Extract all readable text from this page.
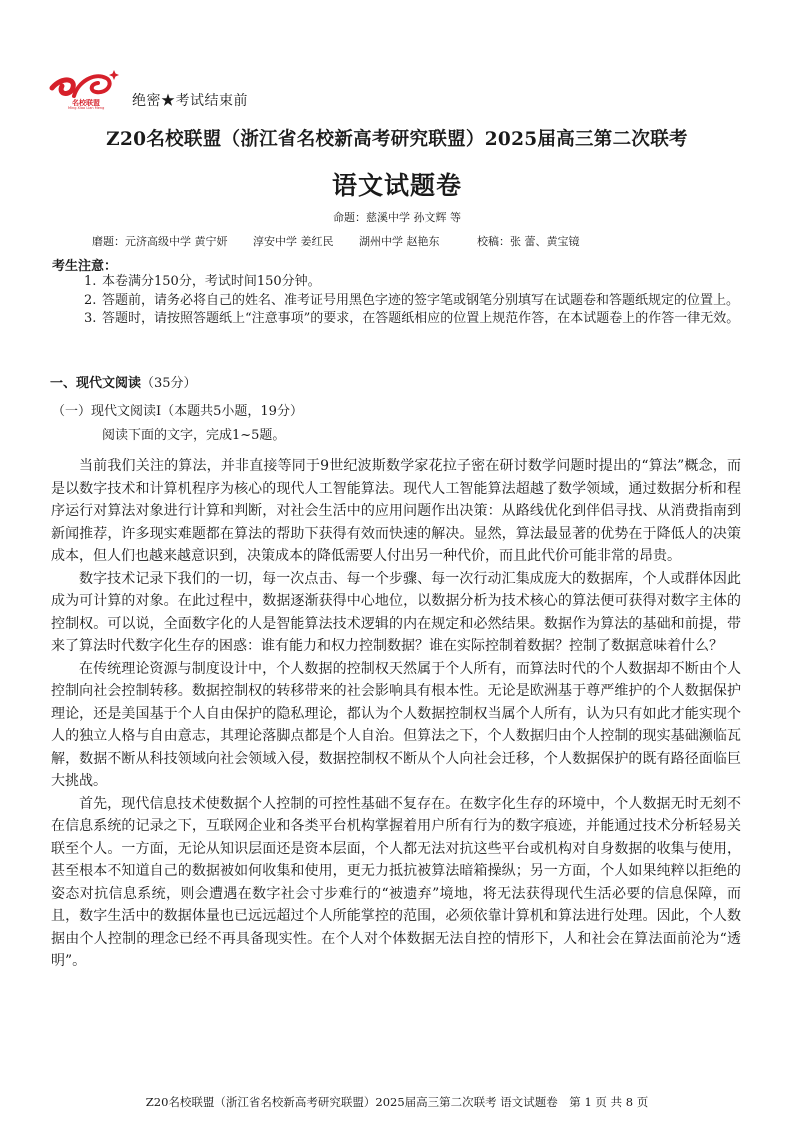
名校联盟
Ming Xiao Lian Meng 绝密★考试结束前
Z20名校联盟（浙江省名校新高考研究联盟）2025届高三第二次联考
语文试题卷
命题：慈溪中学 孙文辉 等
磨题：元济高级中学 黄宁妍 淳安中学 姜红民 湖州中学 赵艳东	校稿：张 蕾、黄宝镜
考生注意：
1. 本卷满分150分，考试时间150分钟。
2. 答题前，请务必将自己的姓名、准考证号用黑色字迹的签字笔或钢笔分别填写在试题卷和答题纸规定的位置上。
3. 答题时，请按照答题纸上“注意事项”的要求，在答题纸相应的位置上规范作答，在本试题卷上的作答一律无效。
一、现代文阅读（35分）
（一）现代文阅读Ⅰ（本题共5小题，19分）
阅读下面的文字，完成1~5题。

当前我们关注的算法，并非直接等同于9世纪波斯数学家花拉子密在研讨数学问题时提出的“算法”概念，而是以数字技术和计算机程序为核心的现代人工智能算法。现代人工智能算法超越了数学领域，通过数据分析和程序运行对算法对象进行计算和判断，对社会生活中的应用问题作出决策：从路线优化到伴侣寻找、从消费指南到新闻推荐，许多现实难题都在算法的帮助下获得有效而快速的解决。显然，算法最显著的优势在于降低人的决策成本，但人们也越来越意识到，决策成本的降低需要人付出另一种代价，而且此代价可能非常的昂贵。

数字技术记录下我们的一切，每一次点击、每一个步骤、每一次行动汇集成庞大的数据库，个人或群体因此成为可计算的对象。在此过程中，数据逐渐获得中心地位，以数据分析为技术核心的算法便可获得对数字主体的控制权。可以说，全面数字化的人是智能算法技术逻辑的内在规定和必然结果。数据作为算法的基础和前提，带来了算法时代数字化生存的困惑：谁有能力和权力控制数据？谁在实际控制着数据？控制了数据意味着什么？

在传统理论资源与制度设计中，个人数据的控制权天然属于个人所有，而算法时代的个人数据却不断由个人控制向社会控制转移。数据控制权的转移带来的社会影响具有根本性。无论是欧洲基于尊严维护的个人数据保护理论，还是美国基于个人自由保护的隐私理论，都认为个人数据控制权当属个人所有，认为只有如此才能实现个人的独立人格与自由意志，其理论落脚点都是个人自治。但算法之下，个人数据归由个人控制的现实基础濒临瓦解，数据不断从科技领域向社会领域入侵，数据控制权不断从个人向社会迁移，个人数据保护的既有路径面临巨大挑战。

首先，现代信息技术使数据个人控制的可控性基础不复存在。在数字化生存的环境中，个人数据无时无刻不在信息系统的记录之下，互联网企业和各类平台机构掌握着用户所有行为的数字痕迹，并能通过技术分析轻易关联至个人。一方面，无论从知识层面还是资本层面，个人都无法对抗这些平台或机构对自身数据的收集与使用，甚至根本不知道自己的数据被如何收集和使用，更无力抵抗被算法暗箱操纵；另一方面，个人如果纯粹以拒绝的姿态对抗信息系统，则会遭遇在数字社会寸步难行的“被遗弃”境地，将无法获得现代生活必要的信息保障，而且，数字生活中的数据体量也已远远超过个人所能掌控的范围，必须依靠计算机和算法进行处理。因此，个人数据由个人控制的理念已经不再具备现实性。在个人对个体数据无法自控的情形下，人和社会在算法面前沦为“透明”。

Z20名校联盟（浙江省名校新高考研究联盟）2025届高三第二次联考 语文试题卷　第 1 页 共 8 页
